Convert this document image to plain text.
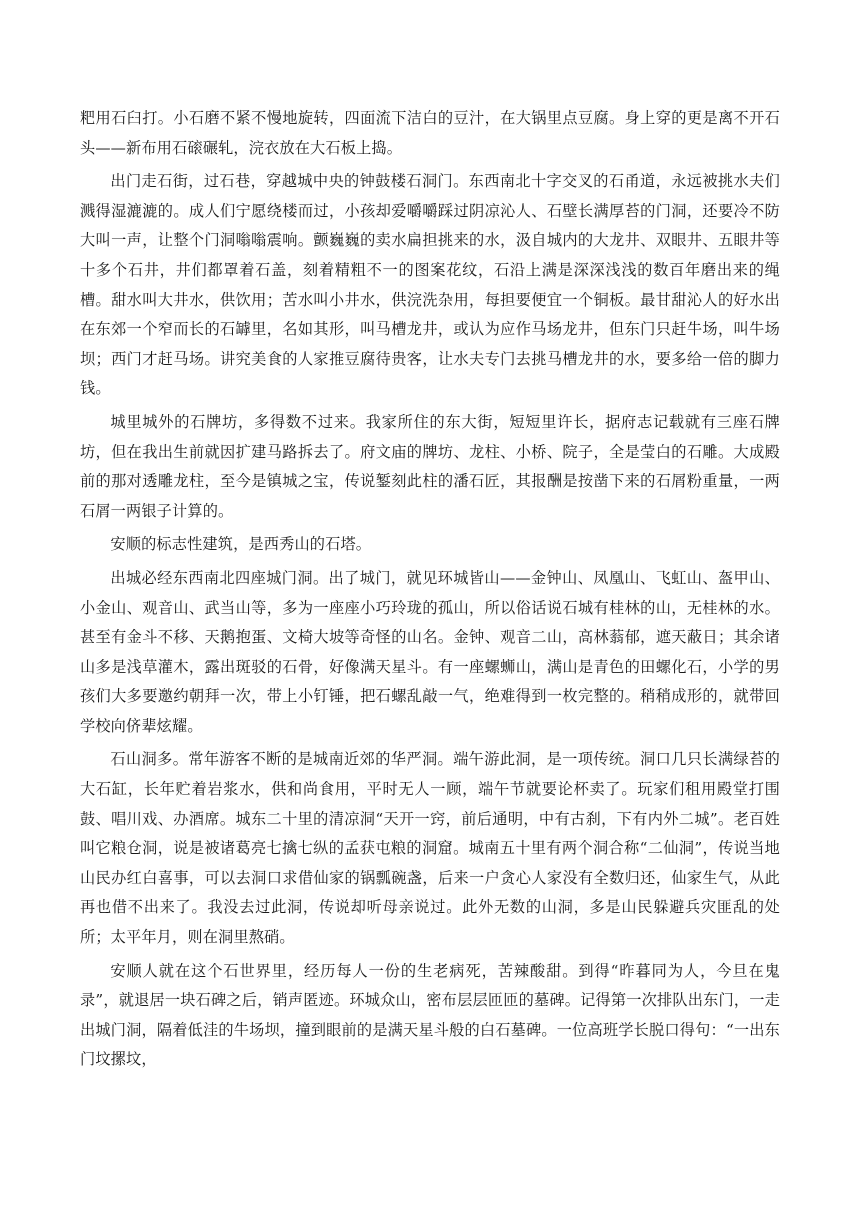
粑用石臼打。小石磨不紧不慢地旋转，四面流下洁白的豆汁，在大锅里点豆腐。身上穿的更是离不开石头——新布用石磙碾轧，浣衣放在大石板上捣。

出门走石街，过石巷，穿越城中央的钟鼓楼石洞门。东西南北十字交叉的石甬道，永远被挑水夫们溅得湿漉漉的。成人们宁愿绕楼而过，小孩却爱嚼嚼踩过阴凉沁人、石壁长满厚苔的门洞，还要冷不防大叫一声，让整个门洞嗡嗡震响。颤巍巍的卖水扁担挑来的水，汲自城内的大龙井、双眼井、五眼井等十多个石井，井们都罩着石盖，刻着精粗不一的图案花纹，石沿上满是深深浅浅的数百年磨出来的绳槽。甜水叫大井水，供饮用；苦水叫小井水，供浣洗杂用，每担要便宜一个铜板。最甘甜沁人的好水出在东郊一个窄而长的石罅里，名如其形，叫马槽龙井，或认为应作马场龙井，但东门只赶牛场，叫牛场坝；西门才赶马场。讲究美食的人家推豆腐待贵客，让水夫专门去挑马槽龙井的水，要多给一倍的脚力钱。

城里城外的石牌坊，多得数不过来。我家所住的东大街，短短里许长，据府志记载就有三座石牌坊，但在我出生前就因扩建马路拆去了。府文庙的牌坊、龙柱、小桥、院子，全是莹白的石雕。大成殿前的那对透雕龙柱，至今是镇城之宝，传说錾刻此柱的潘石匠，其报酬是按凿下来的石屑粉重量，一两石屑一两银子计算的。

安顺的标志性建筑，是西秀山的石塔。

出城必经东西南北四座城门洞。出了城门，就见环城皆山——金钟山、凤凰山、飞虹山、盔甲山、小金山、观音山、武当山等，多为一座座小巧玲珑的孤山，所以俗话说石城有桂林的山，无桂林的水。甚至有金斗不移、天鹅抱蛋、文椅大坡等奇怪的山名。金钟、观音二山，高林蓊郁，遮天蔽日；其余诸山多是浅草灌木，露出斑驳的石骨，好像满天星斗。有一座螺蛳山，满山是青色的田螺化石，小学的男孩们大多要邀约朝拜一次，带上小钉锤，把石螺乱敲一气，绝难得到一枚完整的。稍稍成形的，就带回学校向侪辈炫耀。

石山洞多。常年游客不断的是城南近郊的华严洞。端午游此洞，是一项传统。洞口几只长满绿苔的大石缸，长年贮着岩浆水，供和尚食用，平时无人一顾，端午节就要论杯卖了。玩家们租用殿堂打围鼓、唱川戏、办酒席。城东二十里的清凉洞“天开一窍，前后通明，中有古刹，下有内外二城”。老百姓叫它粮仓洞，说是被诸葛亮七擒七纵的孟获屯粮的洞窟。城南五十里有两个洞合称“二仙洞”，传说当地山民办红白喜事，可以去洞口求借仙家的锅瓢碗盏，后来一户贪心人家没有全数归还，仙家生气，从此再也借不出来了。我没去过此洞，传说却听母亲说过。此外无数的山洞，多是山民躲避兵灾匪乱的处所；太平年月，则在洞里熬硝。

安顺人就在这个石世界里，经历每人一份的生老病死，苦辣酸甜。到得“昨暮同为人，今旦在鬼录”，就退居一块石碑之后，销声匿迹。环城众山，密布层层匝匝的墓碑。记得第一次排队出东门，一走出城门洞，隔着低洼的牛场坝，撞到眼前的是满天星斗般的白石墓碑。一位高班学长脱口得句：“一出东门坟摞坟，
